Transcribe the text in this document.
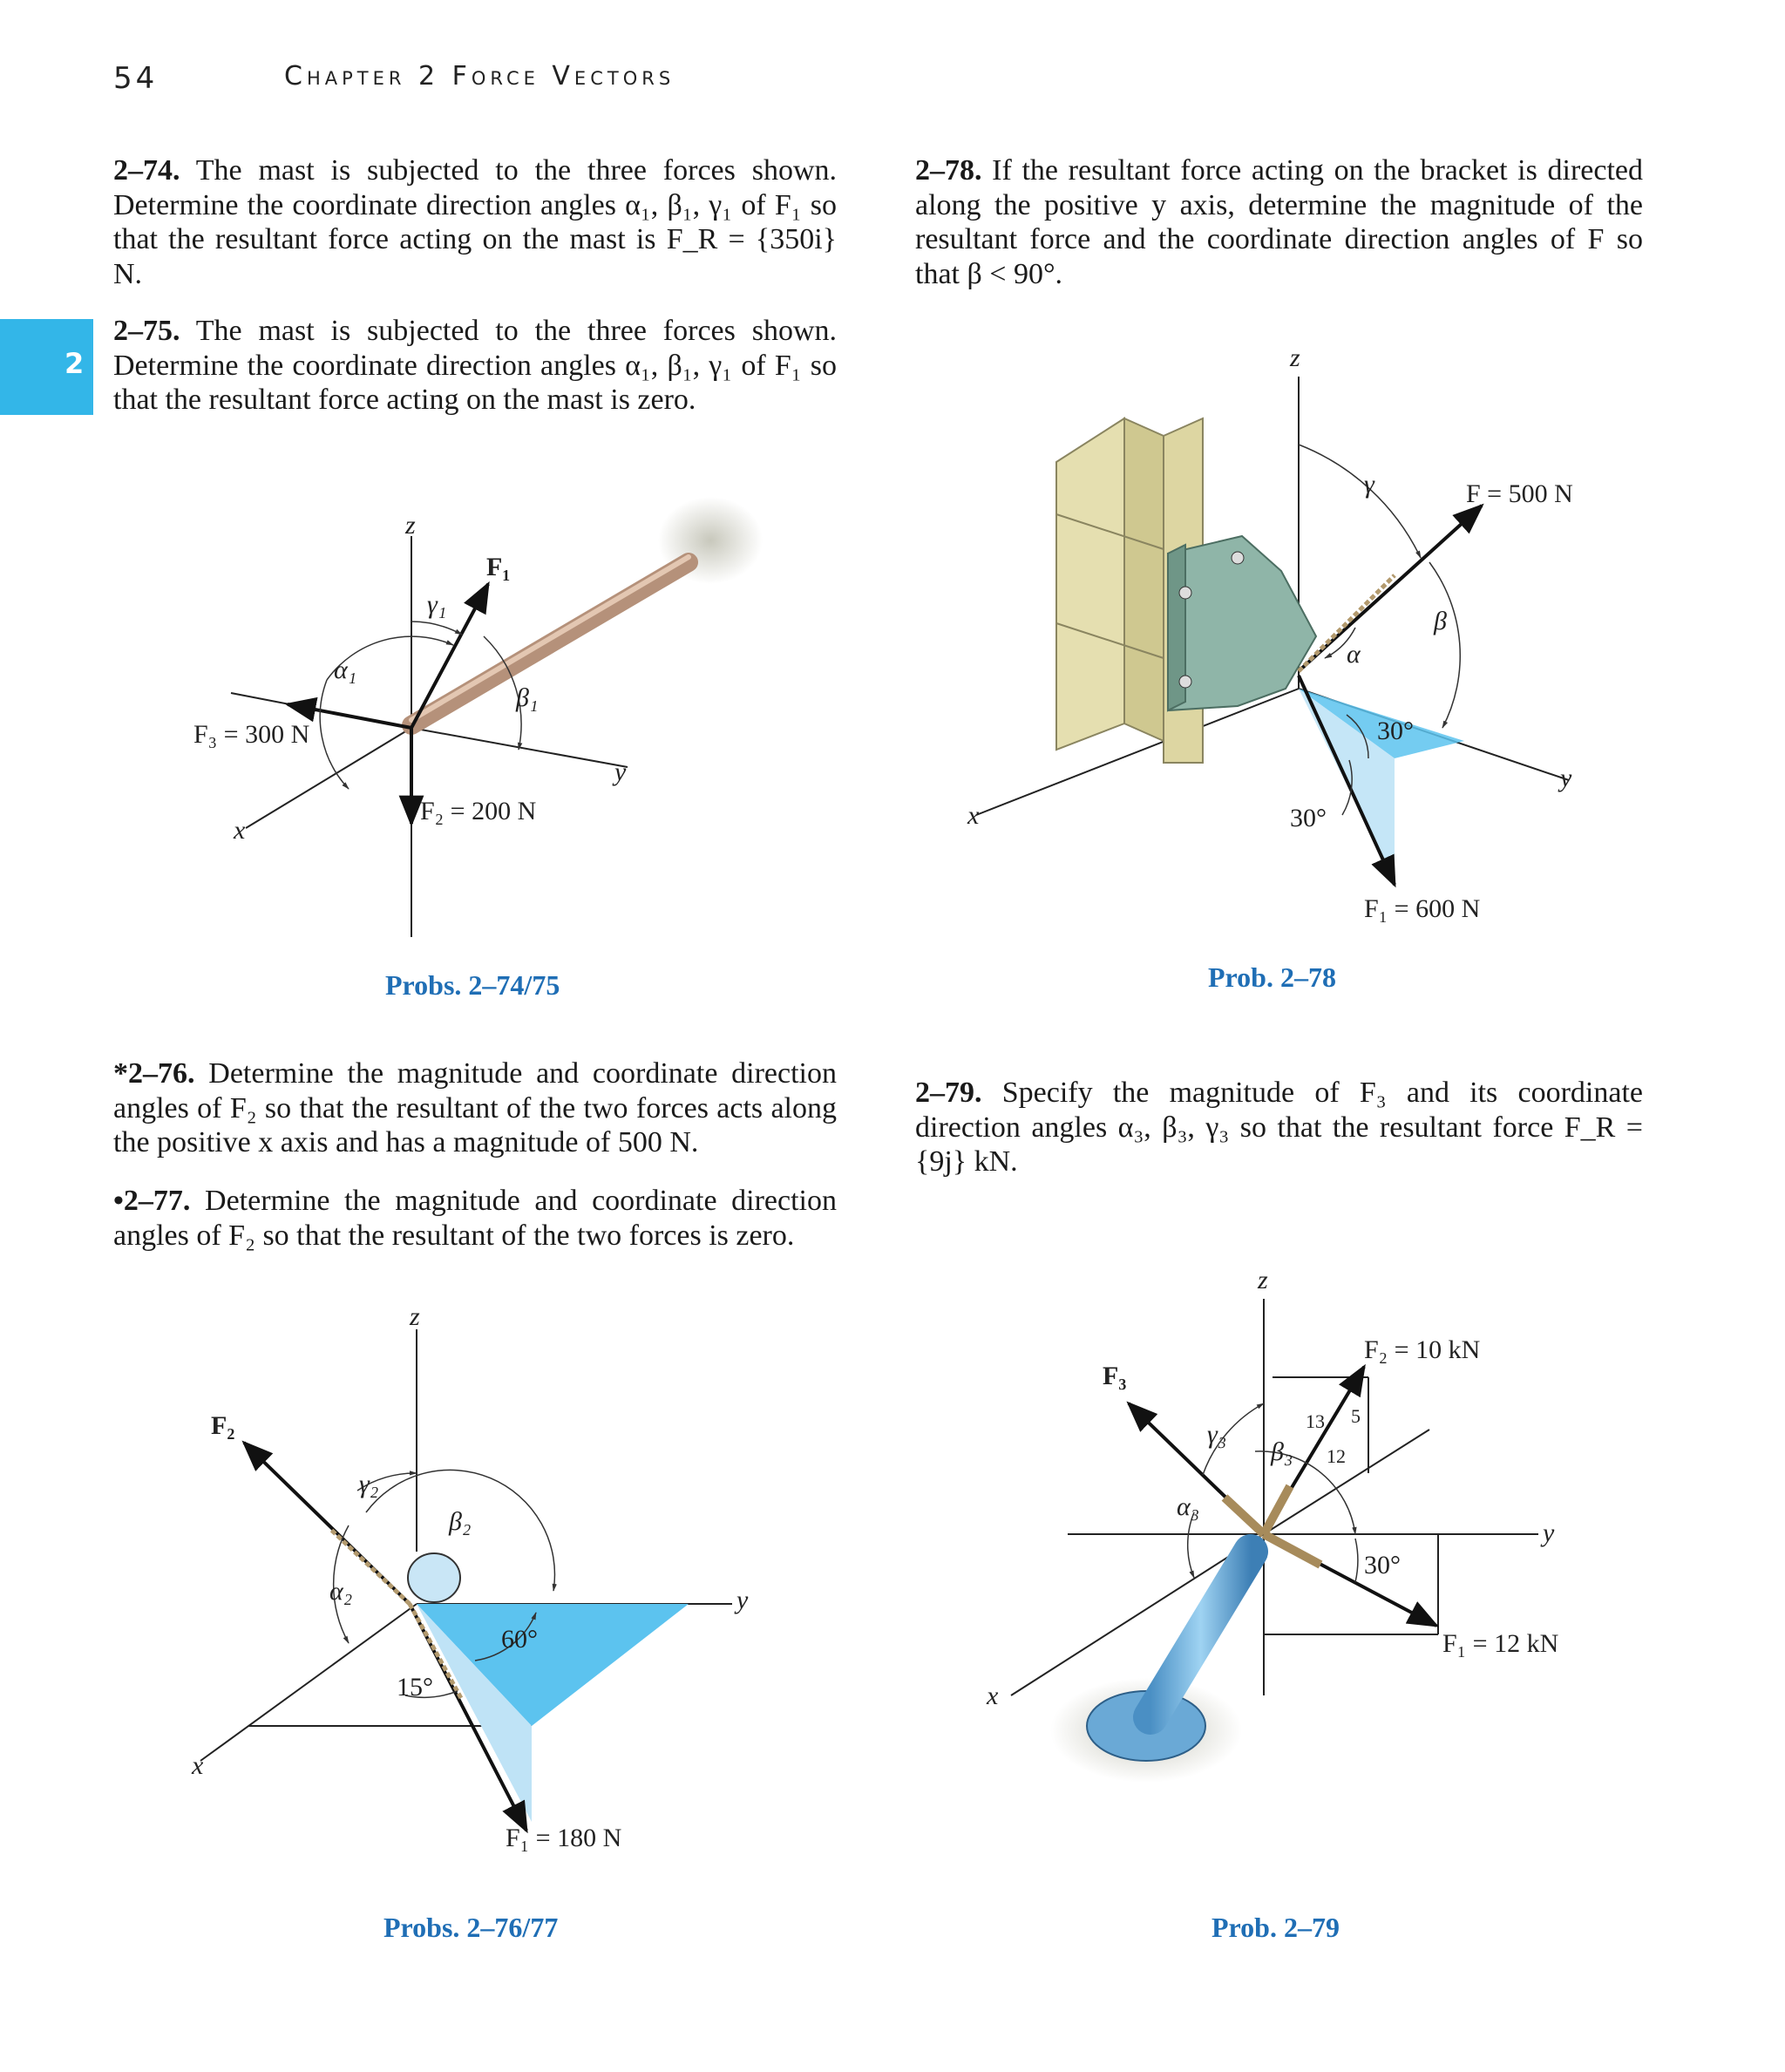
54	Chapter 2 Force Vectors
2
2–74. The mast is subjected to the three forces shown. Determine the coordinate direction angles α₁, β₁, γ₁ of F₁ so that the resultant force acting on the mast is F_R = {350i} N.
2–75. The mast is subjected to the three forces shown. Determine the coordinate direction angles α₁, β₁, γ₁ of F₁ so that the resultant force acting on the mast is zero.
*2–76. Determine the magnitude and coordinate direction angles of F₂ so that the resultant of the two forces acts along the positive x axis and has a magnitude of 500 N.
•2–77. Determine the magnitude and coordinate direction angles of F₂ so that the resultant of the two forces is zero.
2–78. If the resultant force acting on the bracket is directed along the positive y axis, determine the magnitude of the resultant force and the coordinate direction angles of F so that β < 90°.
2–79. Specify the magnitude of F₃ and its coordinate direction angles α₃, β₃, γ₃ so that the resultant force F_R = {9j} kN.
z
x
y
F₁
γ₁
α₁
β₁
F₃ = 300 N
F₂ = 200 N
Probs. 2–74/75
z
x
y
γ
β
α
F = 500 N
30°
30°
F₁ = 600 N
Prob. 2–78
z
x
y
F₂
γ₂
α₂
β₂
60°
15°
F₁ = 180 N
Probs. 2–76/77
z
x
y
F₃
F₂ = 10 kN
γ₃
β₃
α₃
13 5
12
30°
F₁ = 12 kN
Prob. 2–79
